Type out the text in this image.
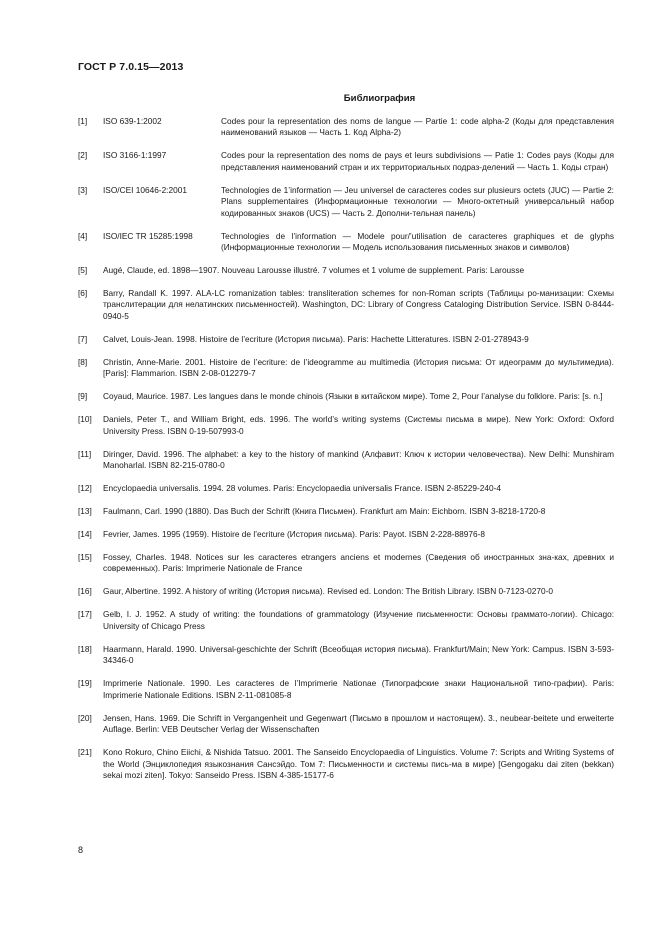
ГОСТ Р 7.0.15—2013
Библиография
[1]	ISO 639-1:2002	Codes pour la representation des noms de langue — Partie 1: code alpha-2 (Коды для представления наименований языков — Часть 1. Код Alpha-2)
[2]	ISO 3166-1:1997	Codes pour la representation des noms de pays et leurs subdivisions — Patie 1: Codes pays (Коды для представления наименований стран и их территориальных подраз-делений — Часть 1. Коды стран)
[3]	ISO/CEI 10646-2:2001	Technologies de 1’information — Jeu universel de caracteres codes sur plusieurs octets (JUC) — Partie 2: Plans supplementaires (Информационные технологии — Много-октетный универсальный набор кодированных знаков (UCS) — Часть 2. Дополни-тельная панель)
[4]	ISO/IEC TR 15285:1998	Technologies de l’information — Modele pour/’utilisation de caracteres graphiques et de glyphs (Информационные технологии — Модель использования письменных знаков и символов)
[5]	Augé, Claude, ed. 1898—1907. Nouveau Larousse illustré. 7 volumes et 1 volume de supplement. Paris: Larousse
[6]	Barry, Randall K. 1997. ALA-LC romanization tables: transliteration schemes for non-Roman scripts (Таблицы ро-манизации: Схемы транслитерации для нелатинских письменностей). Washington, DC: Library of Congress Cataloging Distribution Service. ISBN 0-8444-0940-5
[7]	Calvet, Louis-Jean. 1998. Histoire de l’ecriture (История письма). Paris: Hachette Litteratures. ISBN 2-01-278943-9
[8]	Christin, Anne-Marie. 2001. Histoire de l’ecriture: de l’ideogramme au multimedia (История письма: От идеограмм до мультимедиа). [Paris]: Flammarion. ISBN 2-08-012279-7
[9]	Coyaud, Maurice. 1987. Les langues dans le monde chinois (Языки в китайском мире). Tome 2, Pour l’analyse du folklore. Paris: [s. n.]
[10]	Daniels, Peter T., and William Bright, eds. 1996. The world’s writing systems (Системы письма в мире). New York: Oxford: Oxford University Press. ISBN 0-19-507993-0
[11]	Diringer, David. 1996. The alphabet: a key to the history of mankind (Алфавит: Ключ к истории человечества). New Delhi: Munshiram Manoharlal. ISBN 82-215-0780-0
[12]	Encyclopaedia universalis. 1994. 28 volumes. Paris: Encyclopaedia universalis France. ISBN 2-85229-240-4
[13]	Faulmann, Carl. 1990 (1880). Das Buch der Schrift (Книга Письмен). Frankfurt am Main: Eichborn. ISBN 3-8218-1720-8
[14]	Fevrier, James. 1995 (1959). Histoire de l’ecriture (История письма). Paris: Payot. ISBN 2-228-88976-8
[15]	Fossey, Charles. 1948. Notices sur les caracteres etrangers anciens et modernes (Сведения об иностранных зна-ках, древних и современных). Paris: Imprimerie Nationale de France
[16]	Gaur, Albertine. 1992. A history of writing (История письма). Revised ed. London: The British Library. ISBN 0-7123-0270-0
[17]	Gelb, I. J. 1952. A study of writing: the foundations of grammatology (Изучение письменности: Основы граммато-логии). Chicago: University of Chicago Press
[18]	Haarmann, Harald. 1990. Universal-geschichte der Schrift (Всеобщая история письма). Frankfurt/Main; New York: Campus. ISBN 3-593-34346-0
[19]	Imprimerie Nationale. 1990. Les caracteres de l’Imprimerie Nationae (Типографские знаки Национальной типо-графии). Paris: Imprimerie Nationale Editions. ISBN 2-11-081085-8
[20]	Jensen, Hans. 1969. Die Schrift in Vergangenheit und Gegenwart (Письмо в прошлом и настоящем). 3., neubear-beitete und erweiterte Auflage. Berlin: VEB Deutscher Verlag der Wissenschaften
[21]	Kono Rokuro, Chino Eiichi, & Nishida Tatsuo. 2001. The Sanseido Encyclopaedia of Linguistics. Volume 7: Scripts and Writing Systems of the World (Энциклопедия языкознания Сансэйдо. Том 7: Письменности и системы пись-ма в мире) [Gengogaku dai ziten (bekkan) sekai mozi ziten]. Tokyo: Sanseido Press. ISBN 4-385-15177-6
8
